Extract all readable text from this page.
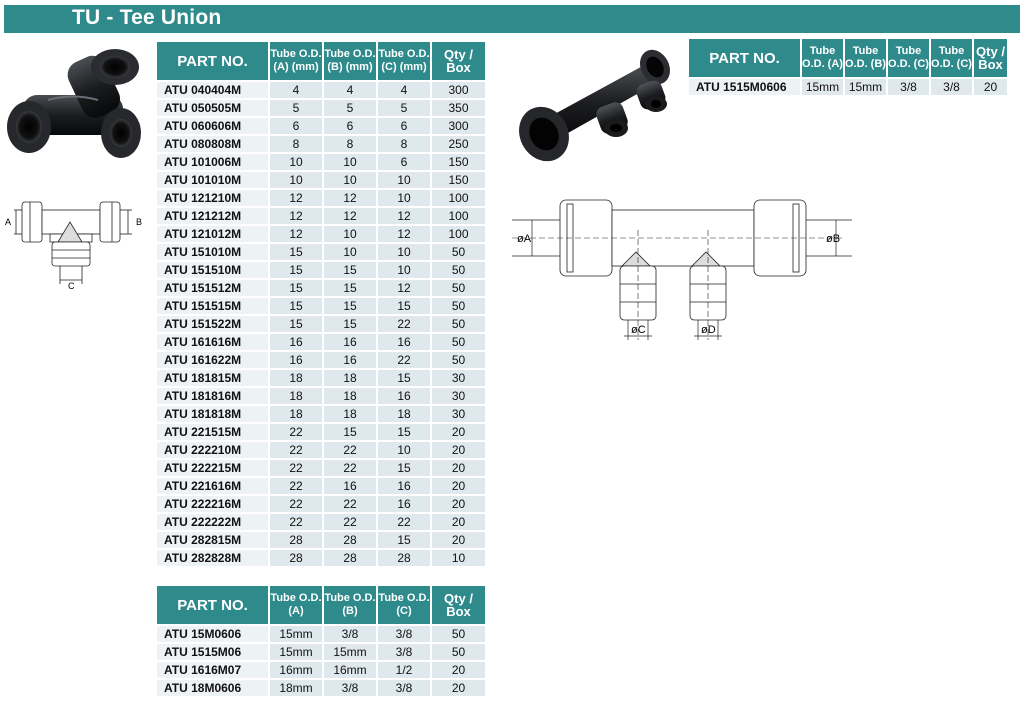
TU - Tee Union
A	B
C
PART NO.	Tube O.D. (A) (mm)	Tube O.D. (B) (mm)	Tube O.D. (C) (mm)	Qty / Box
ATU 040404M	4	4	4	300
ATU 050505M	5	5	5	350
ATU 060606M	6	6	6	300
ATU 080808M	8	8	8	250
ATU 101006M	10	10	6	150
ATU 101010M	10	10	10	150
ATU 121210M	12	12	10	100
ATU 121212M	12	12	12	100
ATU 121012M	12	10	12	100
ATU 151010M	15	10	10	50
ATU 151510M	15	15	10	50
ATU 151512M	15	15	12	50
ATU 151515M	15	15	15	50
ATU 151522M	15	15	22	50
ATU 161616M	16	16	16	50
ATU 161622M	16	16	22	50
ATU 181815M	18	18	15	30
ATU 181816M	18	18	16	30
ATU 181818M	18	18	18	30
ATU 221515M	22	15	15	20
ATU 222210M	22	22	10	20
ATU 222215M	22	22	15	20
ATU 221616M	22	16	16	20
ATU 222216M	22	22	16	20
ATU 222222M	22	22	22	20
ATU 282815M	28	28	15	20
ATU 282828M	28	28	28	10
PART NO.	Tube O.D. (A)	Tube O.D. (B)	Tube O.D. (C)	Qty / Box
ATU 15M0606	15mm	3/8	3/8	50
ATU 1515M06	15mm	15mm	3/8	50
ATU 1616M07	16mm	16mm	1/2	20
ATU 18M0606	18mm	3/8	3/8	20
øA	øB
øC	øD
PART NO.	Tube O.D. (A)	Tube O.D. (B)	Tube O.D. (C)	Tube O.D. (C)	Qty / Box
ATU 1515M0606	15mm	15mm	3/8	3/8	20
